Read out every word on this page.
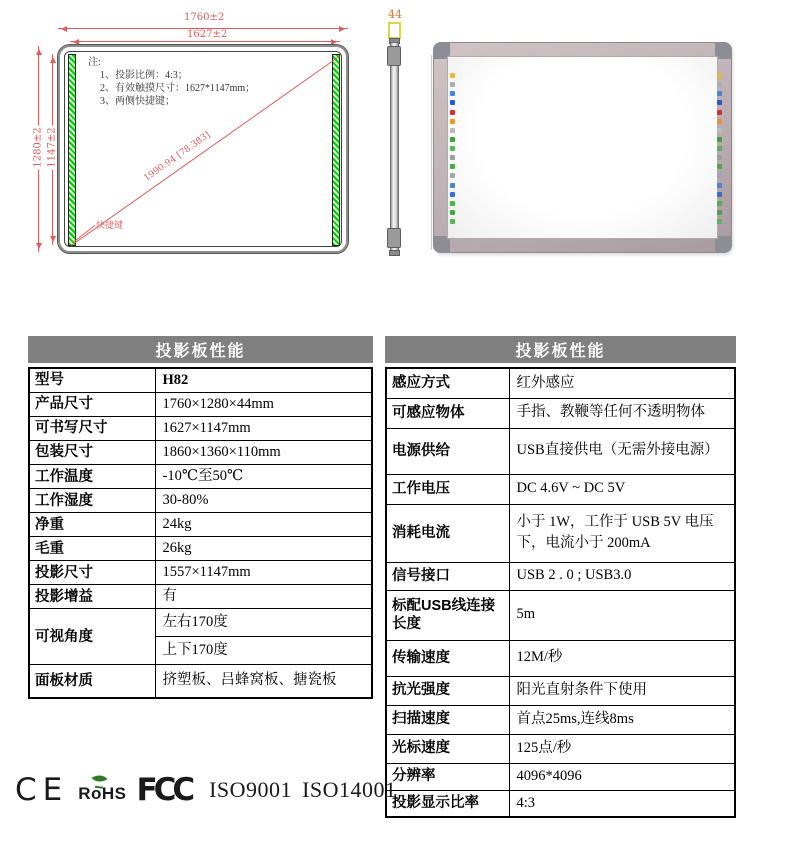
1760±2
1627±2
1280±2 1147±2	1990.94 [78.383]
注:
1、投影比例：4:3；
2、有效触摸尺寸：1627*1147mm；
3、两侧快捷键；
快捷键
44
投影板性能
型号	H82
产品尺寸	1760×1280×44mm
可书写尺寸	1627×1147mm
包装尺寸	1860×1360×110mm
工作温度	-10℃至50℃
工作湿度	30-80%
净重	24kg
毛重	26kg
投影尺寸	1557×1147mm
投影增益	有
可视角度	左右170度
	上下170度
面板材质	挤塑板、吕蜂窝板、搪瓷板
投影板性能
感应方式	红外感应
可感应物体	手指、教鞭等任何不透明物体
电源供给	USB直接供电（无需外接电源）
工作电压	DC 4.6V ~ DC 5V
消耗电流	小于 1W，工作于 USB 5V 电压下，电流小于 200mA
信号接口	USB 2 . 0 ; USB3.0
标配USB线连接长度	5m
传输速度	12M/秒
抗光强度	阳光直射条件下使用
扫描速度	首点25ms,连线8ms
光标速度	125点/秒
分辨率	4096*4096
投影显示比率	4:3
CE RoHS FCC ISO9001 ISO14001
